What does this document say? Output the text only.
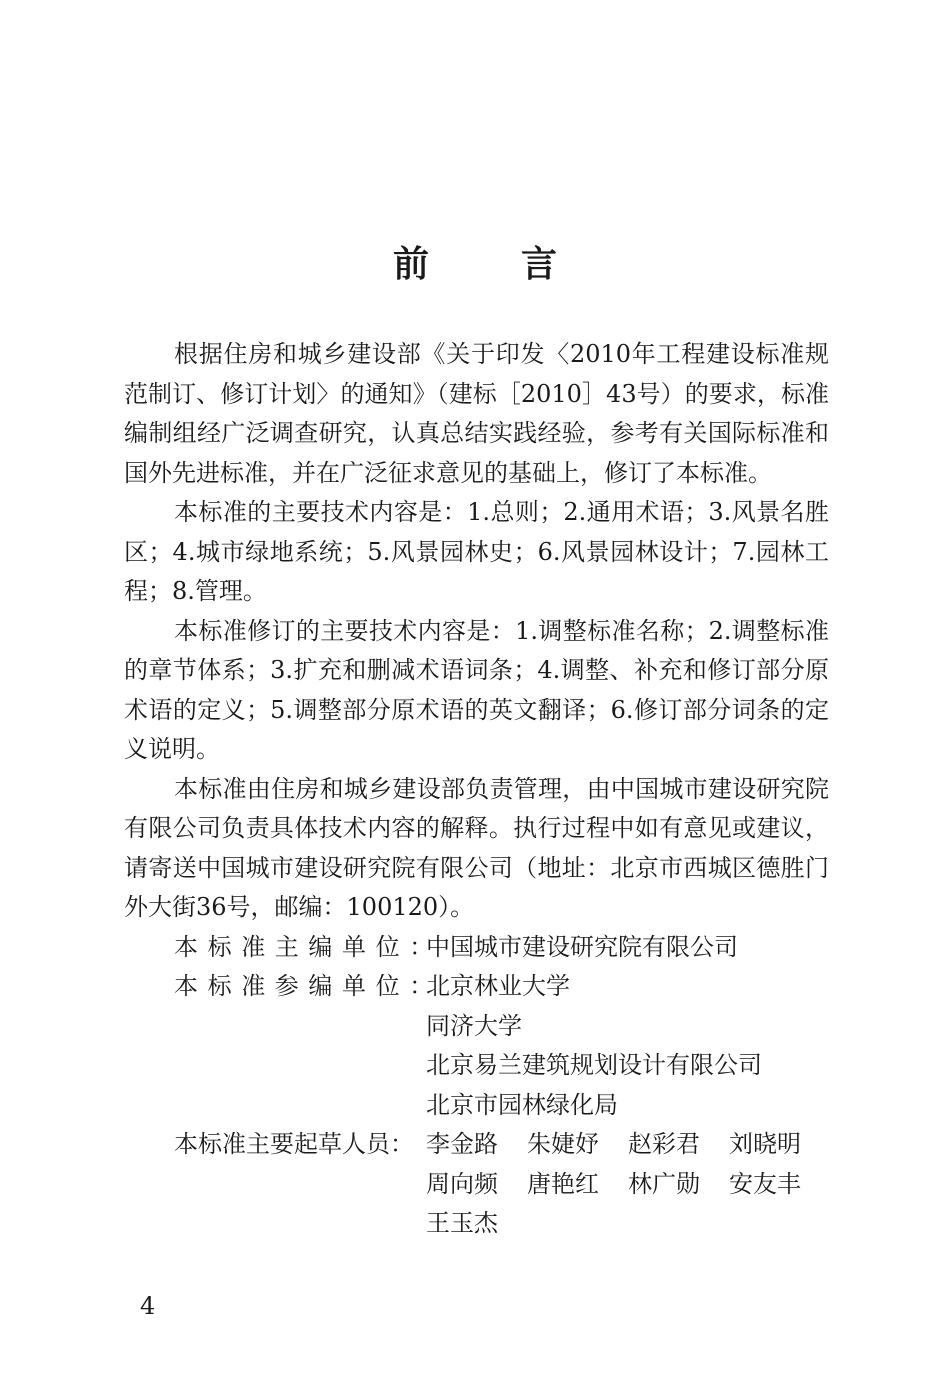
前	言

根据住房和城乡建设部《关于印发〈2010年工程建设标准规范制订、修订计划〉的通知》（建标［2010］43号）的要求，标准编制组经广泛调查研究，认真总结实践经验，参考有关国际标准和国外先进标准，并在广泛征求意见的基础上，修订了本标准。

本标准的主要技术内容是：1.总则；2.通用术语；3.风景名胜区；4.城市绿地系统；5.风景园林史；6.风景园林设计；7.园林工程；8.管理。

本标准修订的主要技术内容是：1.调整标准名称；2.调整标准的章节体系；3.扩充和删减术语词条；4.调整、补充和修订部分原术语的定义；5.调整部分原术语的英文翻译；6.修订部分词条的定义说明。

本标准由住房和城乡建设部负责管理，由中国城市建设研究院有限公司负责具体技术内容的解释。执行过程中如有意见或建议，请寄送中国城市建设研究院有限公司（地址：北京市西城区德胜门外大街36号，邮编：100120）。

本标准主编单位：
中国城市建设研究院有限公司
本标准参编单位：
北京林业大学
同济大学
北京易兰建筑规划设计有限公司
北京市园林绿化局
本标准主要起草人员： 李金路	朱婕妤	赵彩君	刘晓明
周向频	唐艳红	林广勋	安友丰
王玉杰
4
